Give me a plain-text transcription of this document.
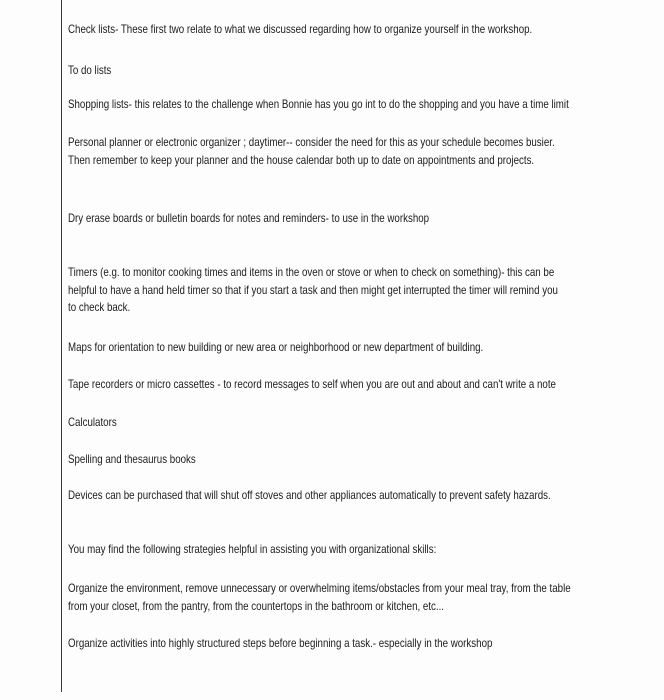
Check lists- These first two relate to what we discussed regarding how to organize yourself in the workshop.
To do lists
Shopping lists- this relates to the challenge when Bonnie has you go int to do the shopping and you have a time limit
Personal planner or electronic organizer ; daytimer-- consider the need for this as your schedule becomes busier.
Then remember to keep your planner and the house calendar both up to date on appointments and projects.
Dry erase boards or bulletin boards for notes and reminders- to use in the workshop
Timers (e.g. to monitor cooking times and items in the oven or stove or when to check on something)- this can be
helpful to have a hand held timer so that if you start a task and then might get interrupted the timer will remind you
to check back.
Maps for orientation to new building or new area or neighborhood or new department of building.
Tape recorders or micro cassettes - to record messages to self when you are out and about and can't write a note
Calculators
Spelling and thesaurus books
Devices can be purchased that will shut off stoves and other appliances automatically to prevent safety hazards.
You may find the following strategies helpful in assisting you with organizational skills:
Organize the environment, remove unnecessary or overwhelming items/obstacles from your meal tray, from the table
from your closet, from the pantry, from the countertops in the bathroom or kitchen, etc...
Organize activities into highly structured steps before beginning a task.- especially in the workshop
